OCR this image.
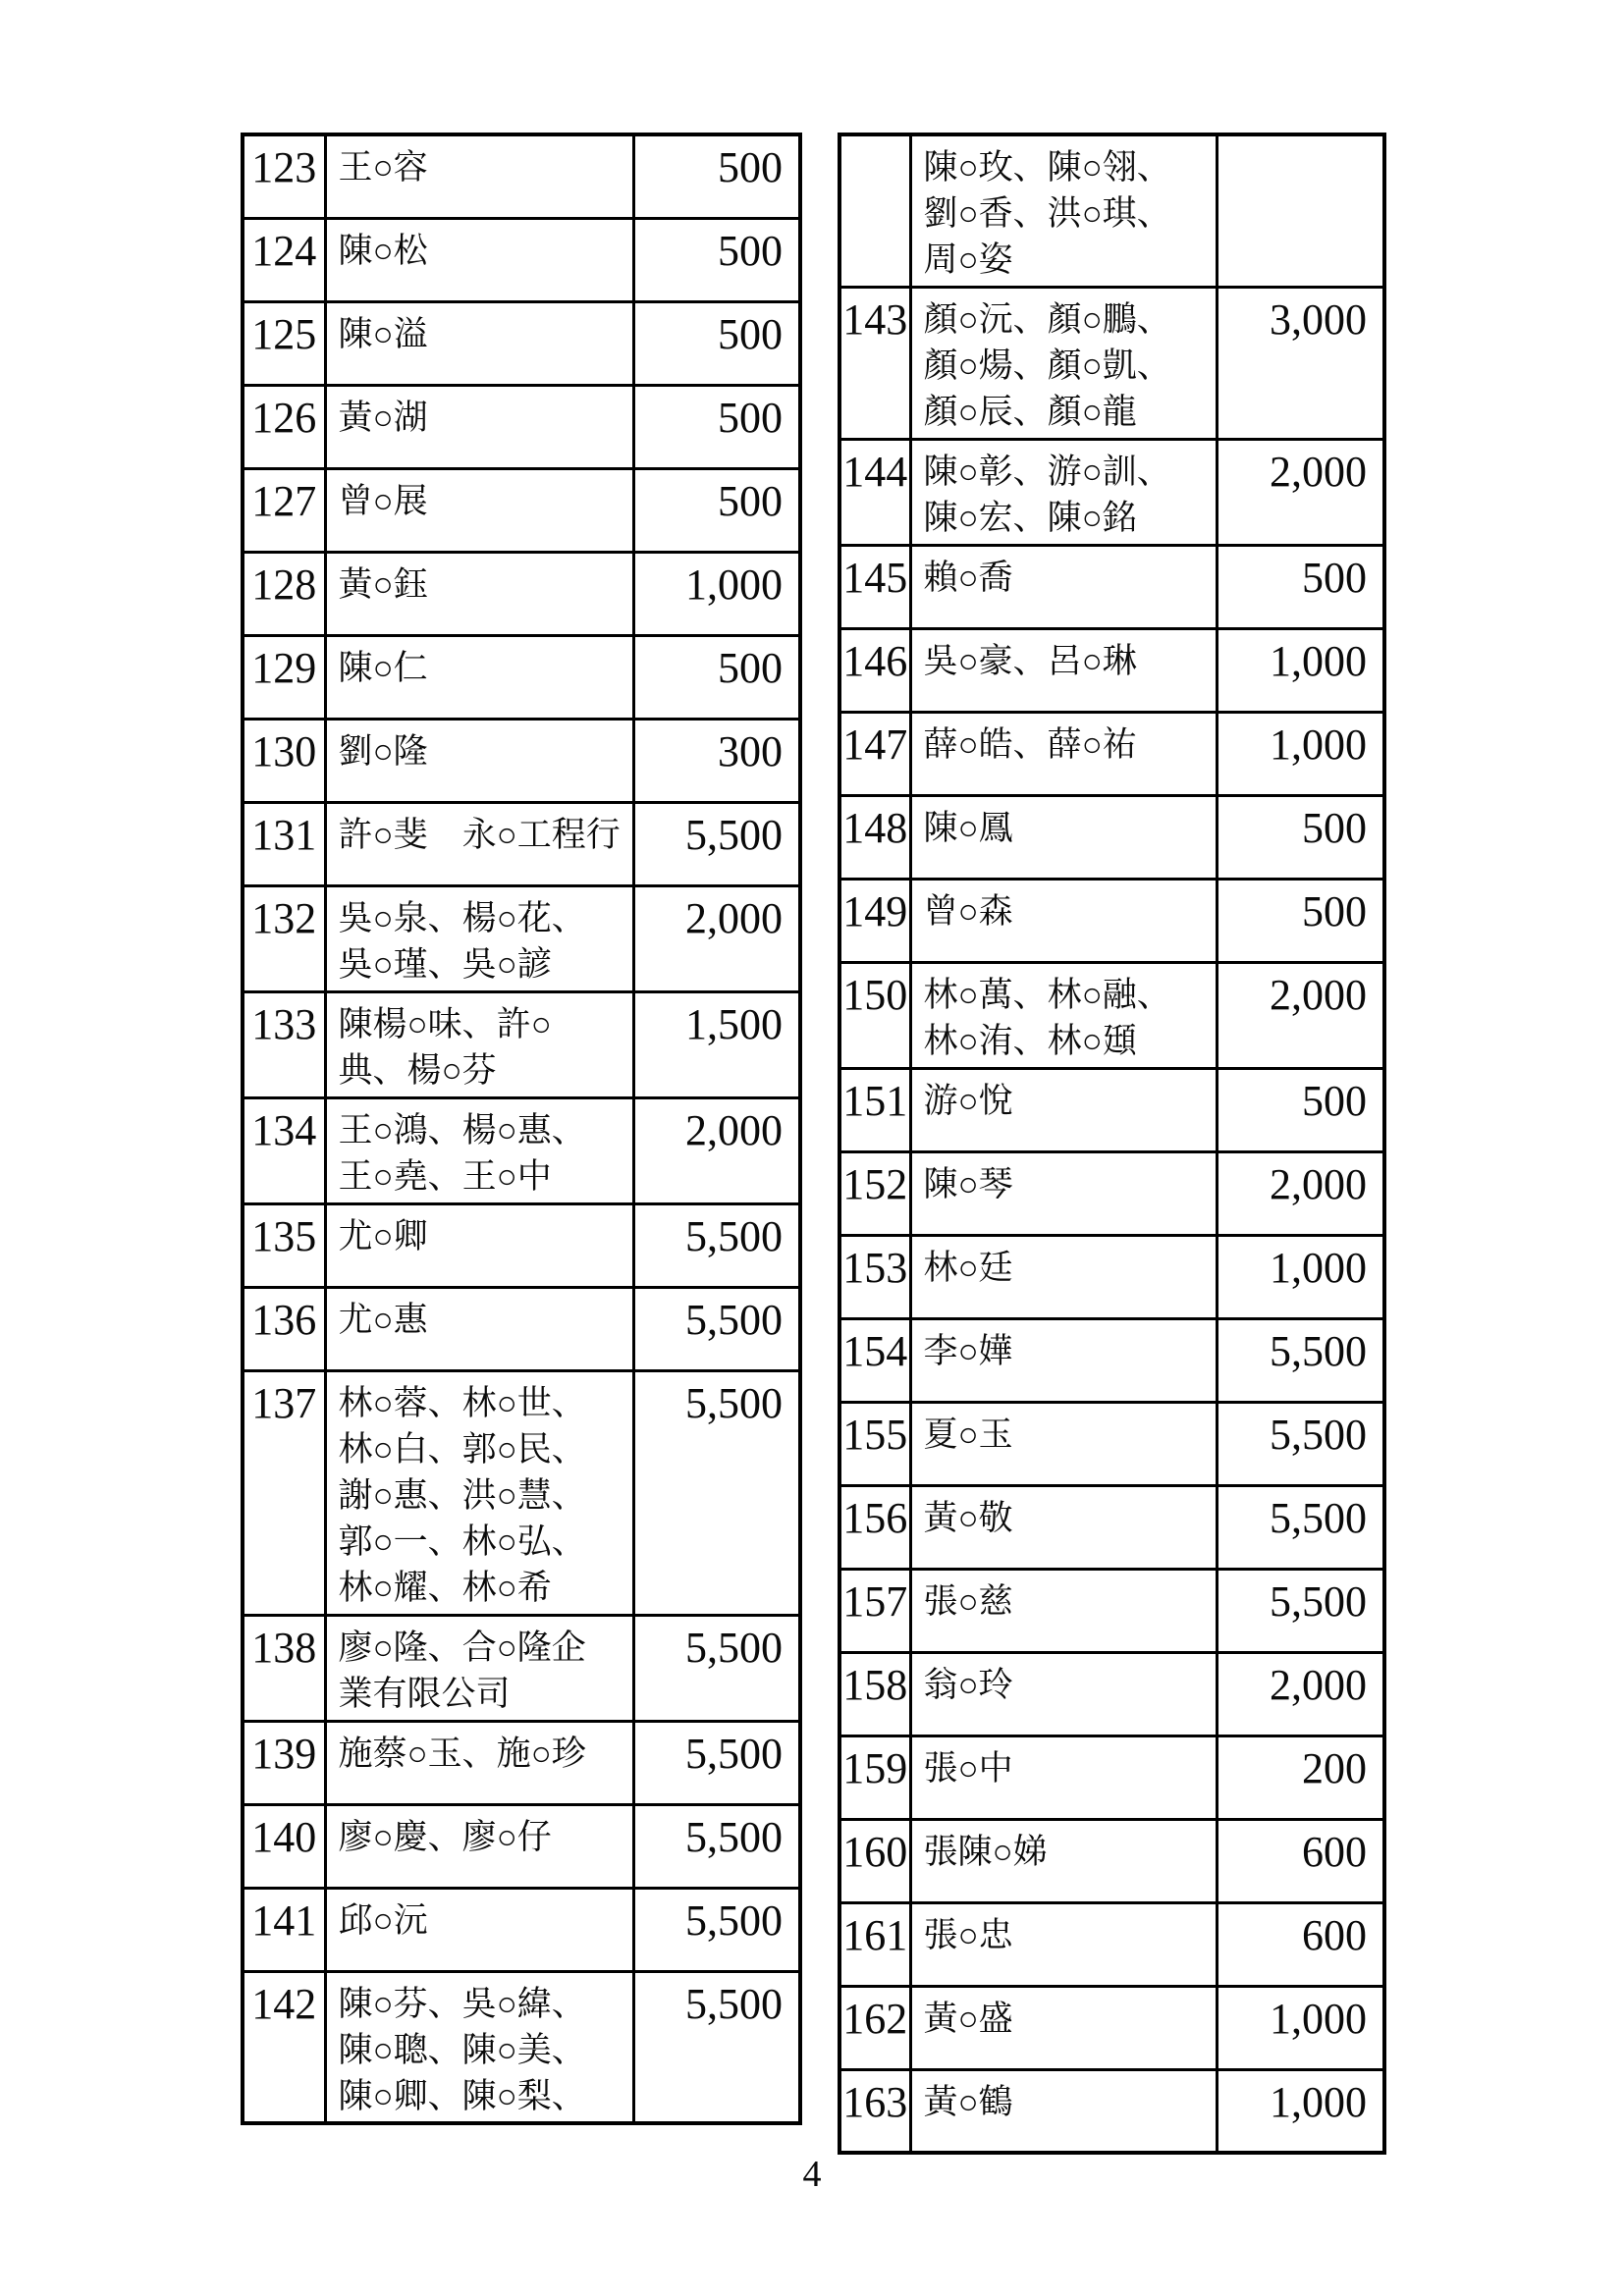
123	王○容	500
124	陳○松	500
125	陳○溢	500
126	黃○湖	500
127	曾○展	500
128	黃○鈺	1,000
129	陳○仁	500
130	劉○隆	300
131	許○斐　永○工程行	5,500
132	吳○泉、楊○花、
吳○瑾、吳○諺	2,000
133	陳楊○味、許○
典、楊○芬	1,500
134	王○鴻、楊○惠、
王○堯、王○中	2,000
135	尤○卿	5,500
136	尤○惠	5,500
137	林○蓉、林○世、
林○白、郭○民、
謝○惠、洪○慧、
郭○一、林○弘、
林○耀、林○希	5,500
138	廖○隆、合○隆企
業有限公司	5,500
139	施蔡○玉、施○珍	5,500
140	廖○慶、廖○仔	5,500
141	邱○沅	5,500
142	陳○芬、吳○緯、
陳○聰、陳○美、
陳○卿、陳○梨、	5,500

	陳○玫、陳○翎、
劉○香、洪○琪、
周○姿	

143	顏○沅、顏○鵬、
顏○煬、顏○凱、
顏○辰、顏○龍	3,000
144	陳○彰、游○訓、
陳○宏、陳○銘	2,000
145	賴○喬	500
146	吳○豪、呂○琳	1,000
147	薛○皓、薛○祐	1,000
148	陳○鳳	500
149	曾○森	500
150	林○萬、林○融、
林○洧、林○頲	2,000
151	游○悅	500
152	陳○琴	2,000
153	林○廷	1,000
154	李○嬅	5,500
155	夏○玉	5,500
156	黃○敬	5,500
157	張○慈	5,500
158	翁○玲	2,000
159	張○中	200
160	張陳○娣	600
161	張○忠	600
162	黃○盛	1,000
163	黃○鶴	1,000
4
